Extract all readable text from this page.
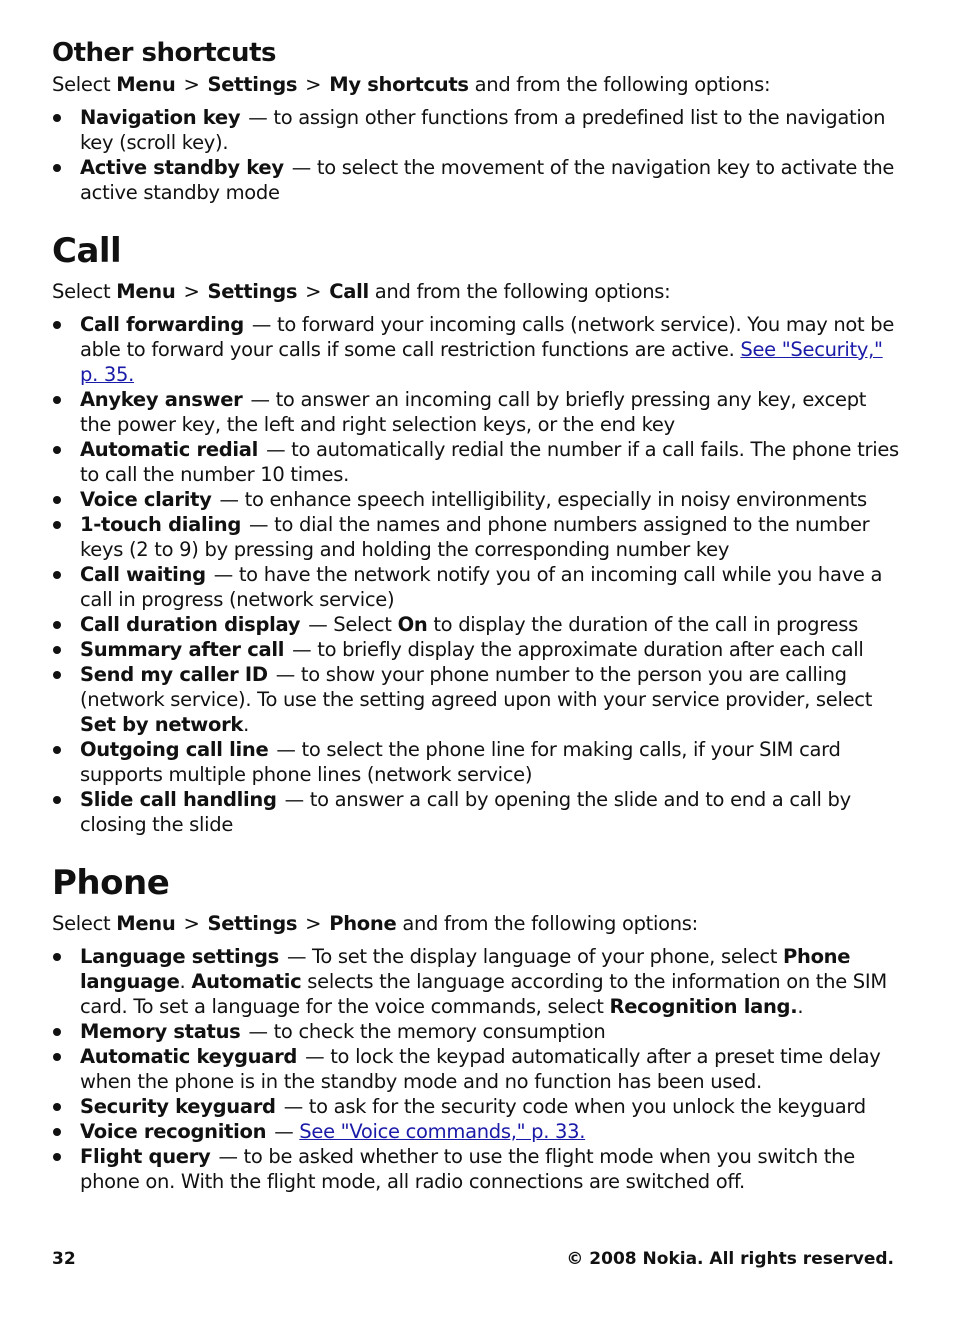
Other shortcuts
Select Menu > Settings > My shortcuts and from the following options:
Navigation key — to assign other functions from a predefined list to the navigation key (scroll key).
Active standby key — to select the movement of the navigation key to activate the active standby mode
Call
Select Menu > Settings > Call and from the following options:
Call forwarding — to forward your incoming calls (network service). You may not be able to forward your calls if some call restriction functions are active. See "Security," p. 35.
Anykey answer — to answer an incoming call by briefly pressing any key, except the power key, the left and right selection keys, or the end key
Automatic redial — to automatically redial the number if a call fails. The phone tries to call the number 10 times.
Voice clarity — to enhance speech intelligibility, especially in noisy environments
1-touch dialing — to dial the names and phone numbers assigned to the number keys (2 to 9) by pressing and holding the corresponding number key
Call waiting — to have the network notify you of an incoming call while you have a call in progress (network service)
Call duration display — Select On to display the duration of the call in progress
Summary after call — to briefly display the approximate duration after each call
Send my caller ID — to show your phone number to the person you are calling (network service). To use the setting agreed upon with your service provider, select Set by network.
Outgoing call line — to select the phone line for making calls, if your SIM card supports multiple phone lines (network service)
Slide call handling — to answer a call by opening the slide and to end a call by closing the slide
Phone
Select Menu > Settings > Phone and from the following options:
Language settings — To set the display language of your phone, select Phone language. Automatic selects the language according to the information on the SIM card. To set a language for the voice commands, select Recognition lang..
Memory status — to check the memory consumption
Automatic keyguard — to lock the keypad automatically after a preset time delay when the phone is in the standby mode and no function has been used.
Security keyguard — to ask for the security code when you unlock the keyguard
Voice recognition — See "Voice commands," p. 33.
Flight query — to be asked whether to use the flight mode when you switch the phone on. With the flight mode, all radio connections are switched off.
32	© 2008 Nokia. All rights reserved.
